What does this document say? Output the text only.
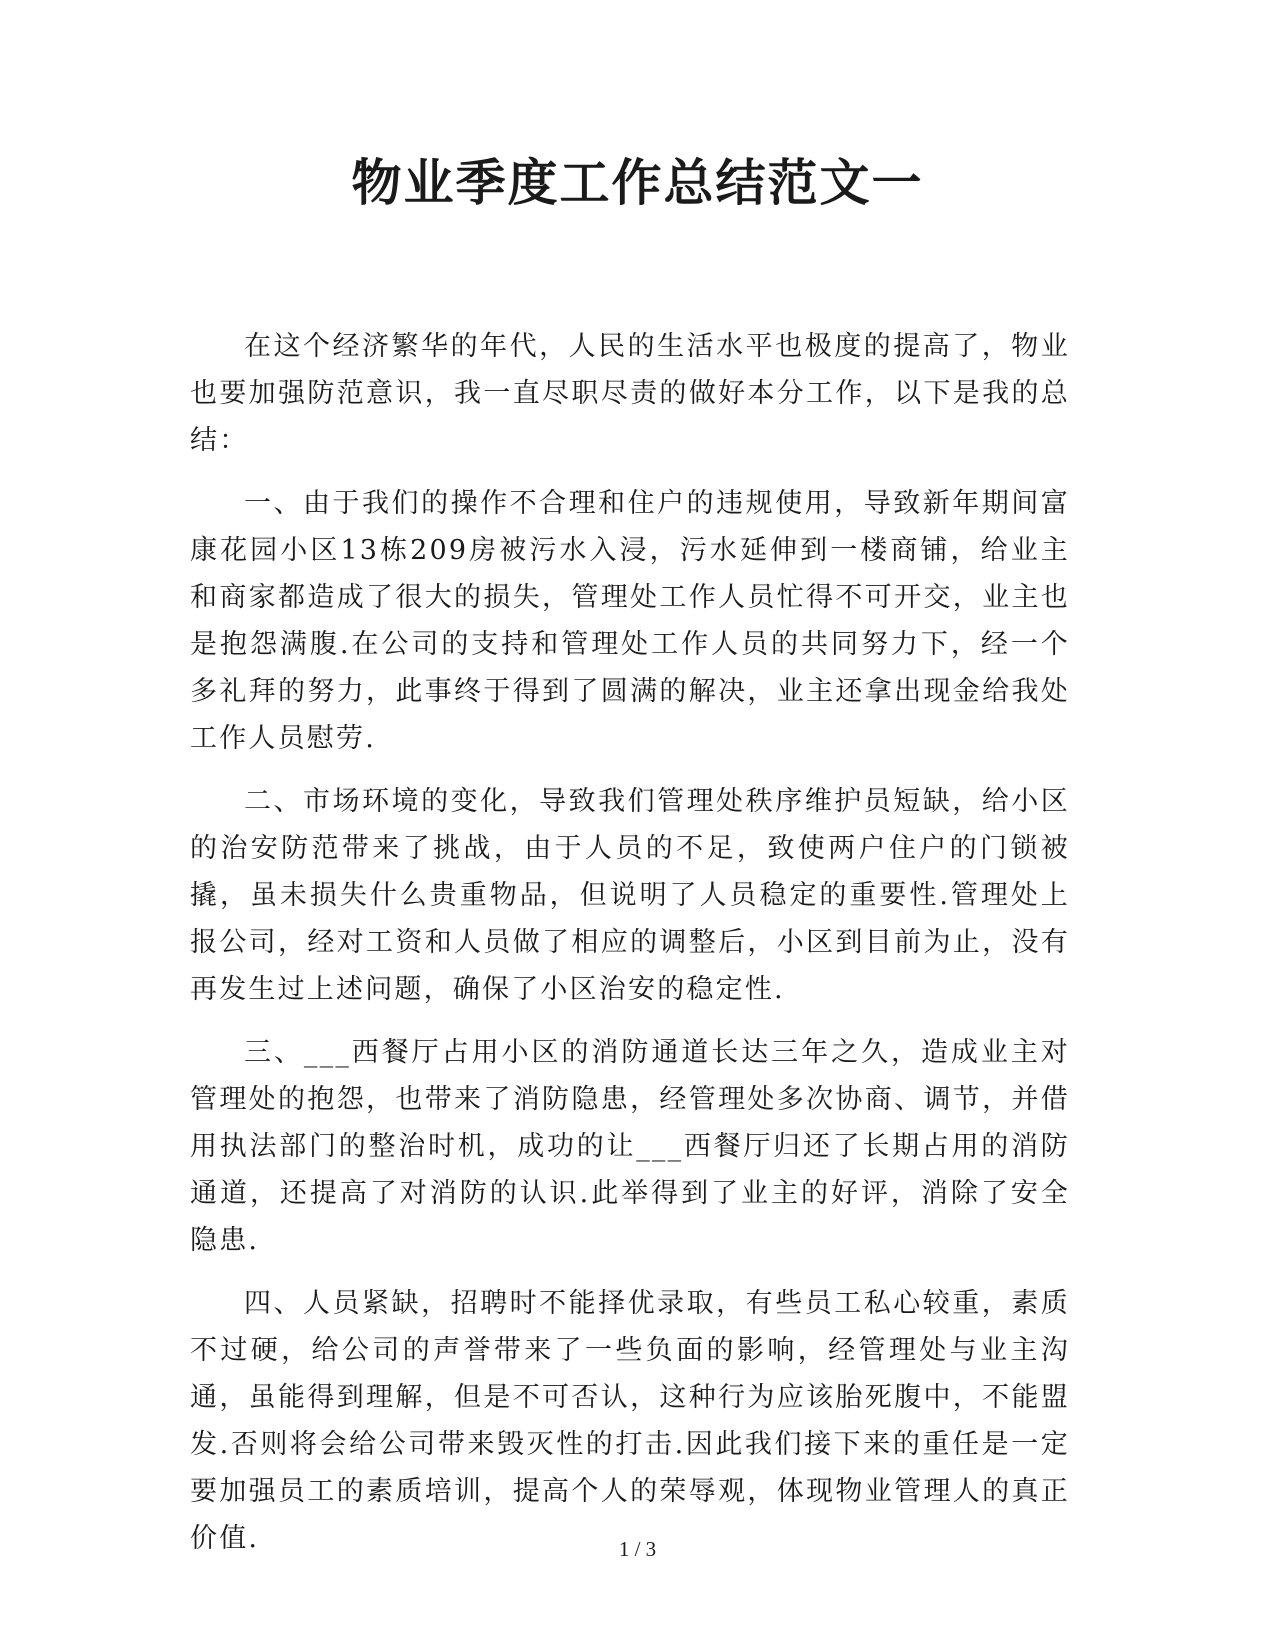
物业季度工作总结范文一

在这个经济繁华的年代，人民的生活水平也极度的提高了，物业也要加强防范意识，我一直尽职尽责的做好本分工作，以下是我的总结：

一、由于我们的操作不合理和住户的违规使用，导致新年期间富康花园小区13栋209房被污水入浸，污水延伸到一楼商铺，给业主和商家都造成了很大的损失，管理处工作人员忙得不可开交，业主也是抱怨满腹.在公司的支持和管理处工作人员的共同努力下，经一个多礼拜的努力，此事终于得到了圆满的解决，业主还拿出现金给我处工作人员慰劳.

二、市场环境的变化，导致我们管理处秩序维护员短缺，给小区的治安防范带来了挑战，由于人员的不足，致使两户住户的门锁被撬，虽未损失什么贵重物品，但说明了人员稳定的重要性.管理处上报公司，经对工资和人员做了相应的调整后，小区到目前为止，没有再发生过上述问题，确保了小区治安的稳定性.

三、___西餐厅占用小区的消防通道长达三年之久，造成业主对管理处的抱怨，也带来了消防隐患，经管理处多次协商、调节，并借用执法部门的整治时机，成功的让___西餐厅归还了长期占用的消防通道，还提高了对消防的认识.此举得到了业主的好评，消除了安全隐患.

四、人员紧缺，招聘时不能择优录取，有些员工私心较重，素质不过硬，给公司的声誉带来了一些负面的影响，经管理处与业主沟通，虽能得到理解，但是不可否认，这种行为应该胎死腹中，不能盟发.否则将会给公司带来毁灭性的打击.因此我们接下来的重任是一定要加强员工的素质培训，提高个人的荣辱观，体现物业管理人的真正价值.	1 / 3
